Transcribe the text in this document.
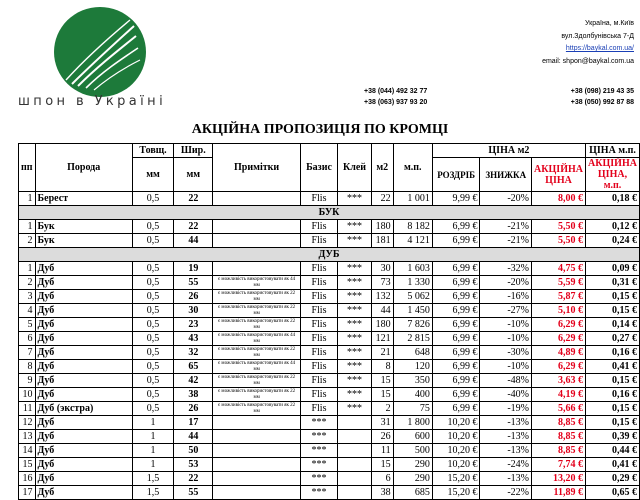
шпон в Україні
Україна, м.Київ
вул.Здолбунівська 7-Д
https://baykal.com.ua/
email: shpon@baykal.com.ua
+38 (044) 492 32 77
+38 (063) 937 93 20
+38 (098) 219 43 35
+38 (050) 992 87 88
АКЦІЙНА ПРОПОЗИЦІЯ ПО КРОМЦІ
пп	Порода	Товщ.	Шир.	Примітки	Базис	Клей	м2	м.п.	ЦІНА м2			ЦІНА м.п.
		мм	мм						РОЗДРІБ	ЗНИЖКА	АКЦІЙНА ЦІНА	АКЦІЙНА ЦІНА, м.п.
1	Берест	0,5	22		Flis	***	22	1 001	9,99 €	-20%	8,00 €	0,18 €
БУК												
1	Бук	0,5	22		Flis	***	180	8 182	6,99 €	-21%	5,50 €	0,12 €
2	Бук	0,5	44		Flis	***	181	4 121	6,99 €	-21%	5,50 €	0,24 €
ДУБ												
1	Дуб	0,5	19		Flis	***	30	1 603	6,99 €	-32%	4,75 €	0,09 €
2	Дуб	0,5	55	є можливість використовувати як 44 мм	Flis	***	73	1 330	6,99 €	-20%	5,59 €	0,31 €
3	Дуб	0,5	26	є можливість використовувати як 22 мм	Flis	***	132	5 062	6,99 €	-16%	5,87 €	0,15 €
4	Дуб	0,5	30	є можливість використовувати як 22 мм	Flis	***	44	1 450	6,99 €	-27%	5,10 €	0,15 €
5	Дуб	0,5	23	є можливість використовувати як 22 мм	Flis	***	180	7 826	6,99 €	-10%	6,29 €	0,14 €
6	Дуб	0,5	43	є можливість використовувати як 44 мм	Flis	***	121	2 815	6,99 €	-10%	6,29 €	0,27 €
7	Дуб	0,5	32	є можливість використовувати як 22 мм	Flis	***	21	648	6,99 €	-30%	4,89 €	0,16 €
8	Дуб	0,5	65	є можливість використовувати як 44 мм	Flis	***	8	120	6,99 €	-10%	6,29 €	0,41 €
9	Дуб	0,5	42	є можливість використовувати як 22 мм	Flis	***	15	350	6,99 €	-48%	3,63 €	0,15 €
10	Дуб	0,5	38	є можливість використовувати як 22 мм	Flis	***	15	400	6,99 €	-40%	4,19 €	0,16 €
11	Дуб (экстра)	0,5	26	є можливість використовувати як 22 мм	Flis	***	2	75	6,99 €	-19%	5,66 €	0,15 €
12	Дуб	1	17		***		31	1 800	10,20 €	-13%	8,85 €	0,15 €
13	Дуб	1	44		***		26	600	10,20 €	-13%	8,85 €	0,39 €
14	Дуб	1	50		***		11	500	10,20 €	-13%	8,85 €	0,44 €
15	Дуб	1	53		***		15	290	10,20 €	-24%	7,74 €	0,41 €
16	Дуб	1,5	22		***		6	290	15,20 €	-13%	13,20 €	0,29 €
17	Дуб	1,5	55		***		38	685	15,20 €	-22%	11,89 €	0,65 €
